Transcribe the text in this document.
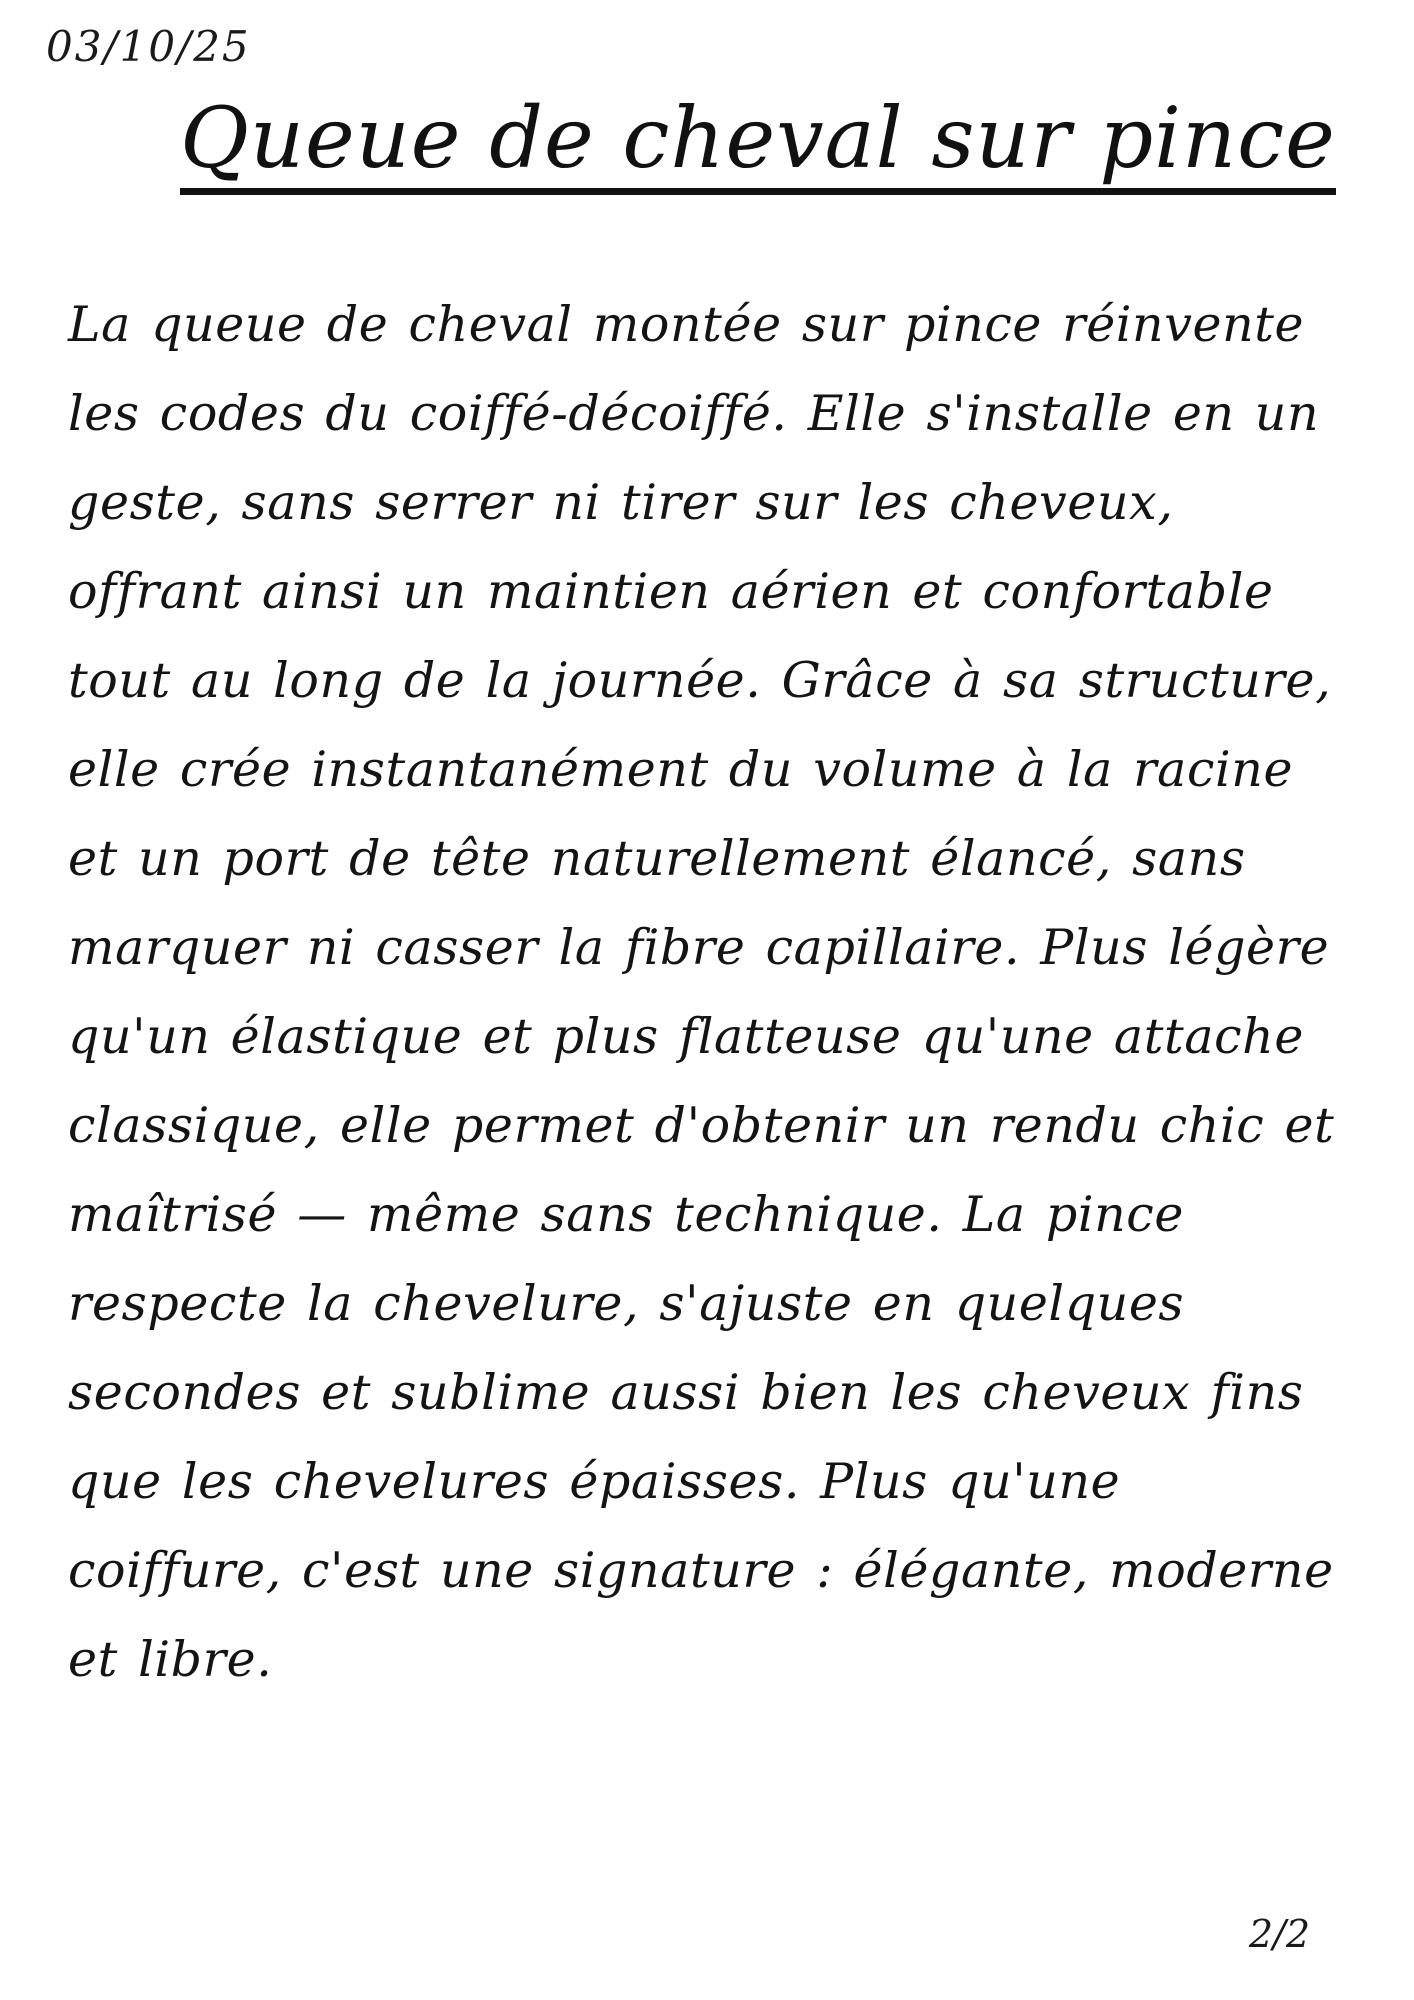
03/10/25
Queue de cheval sur pince

La queue de cheval montée sur pince réinvente les codes du coiffé-décoiffé. Elle s'installe en un geste, sans serrer ni tirer sur les cheveux, offrant ainsi un maintien aérien et confortable tout au long de la journée. Grâce à sa structure, elle crée instantanément du volume à la racine et un port de tête naturellement élancé, sans marquer ni casser la fibre capillaire. Plus légère qu'un élastique et plus flatteuse qu'une attache classique, elle permet d'obtenir un rendu chic et maîtrisé — même sans technique. La pince respecte la chevelure, s'ajuste en quelques secondes et sublime aussi bien les cheveux fins que les chevelures épaisses. Plus qu'une coiffure, c'est une signature : élégante, moderne et libre.

2/2
